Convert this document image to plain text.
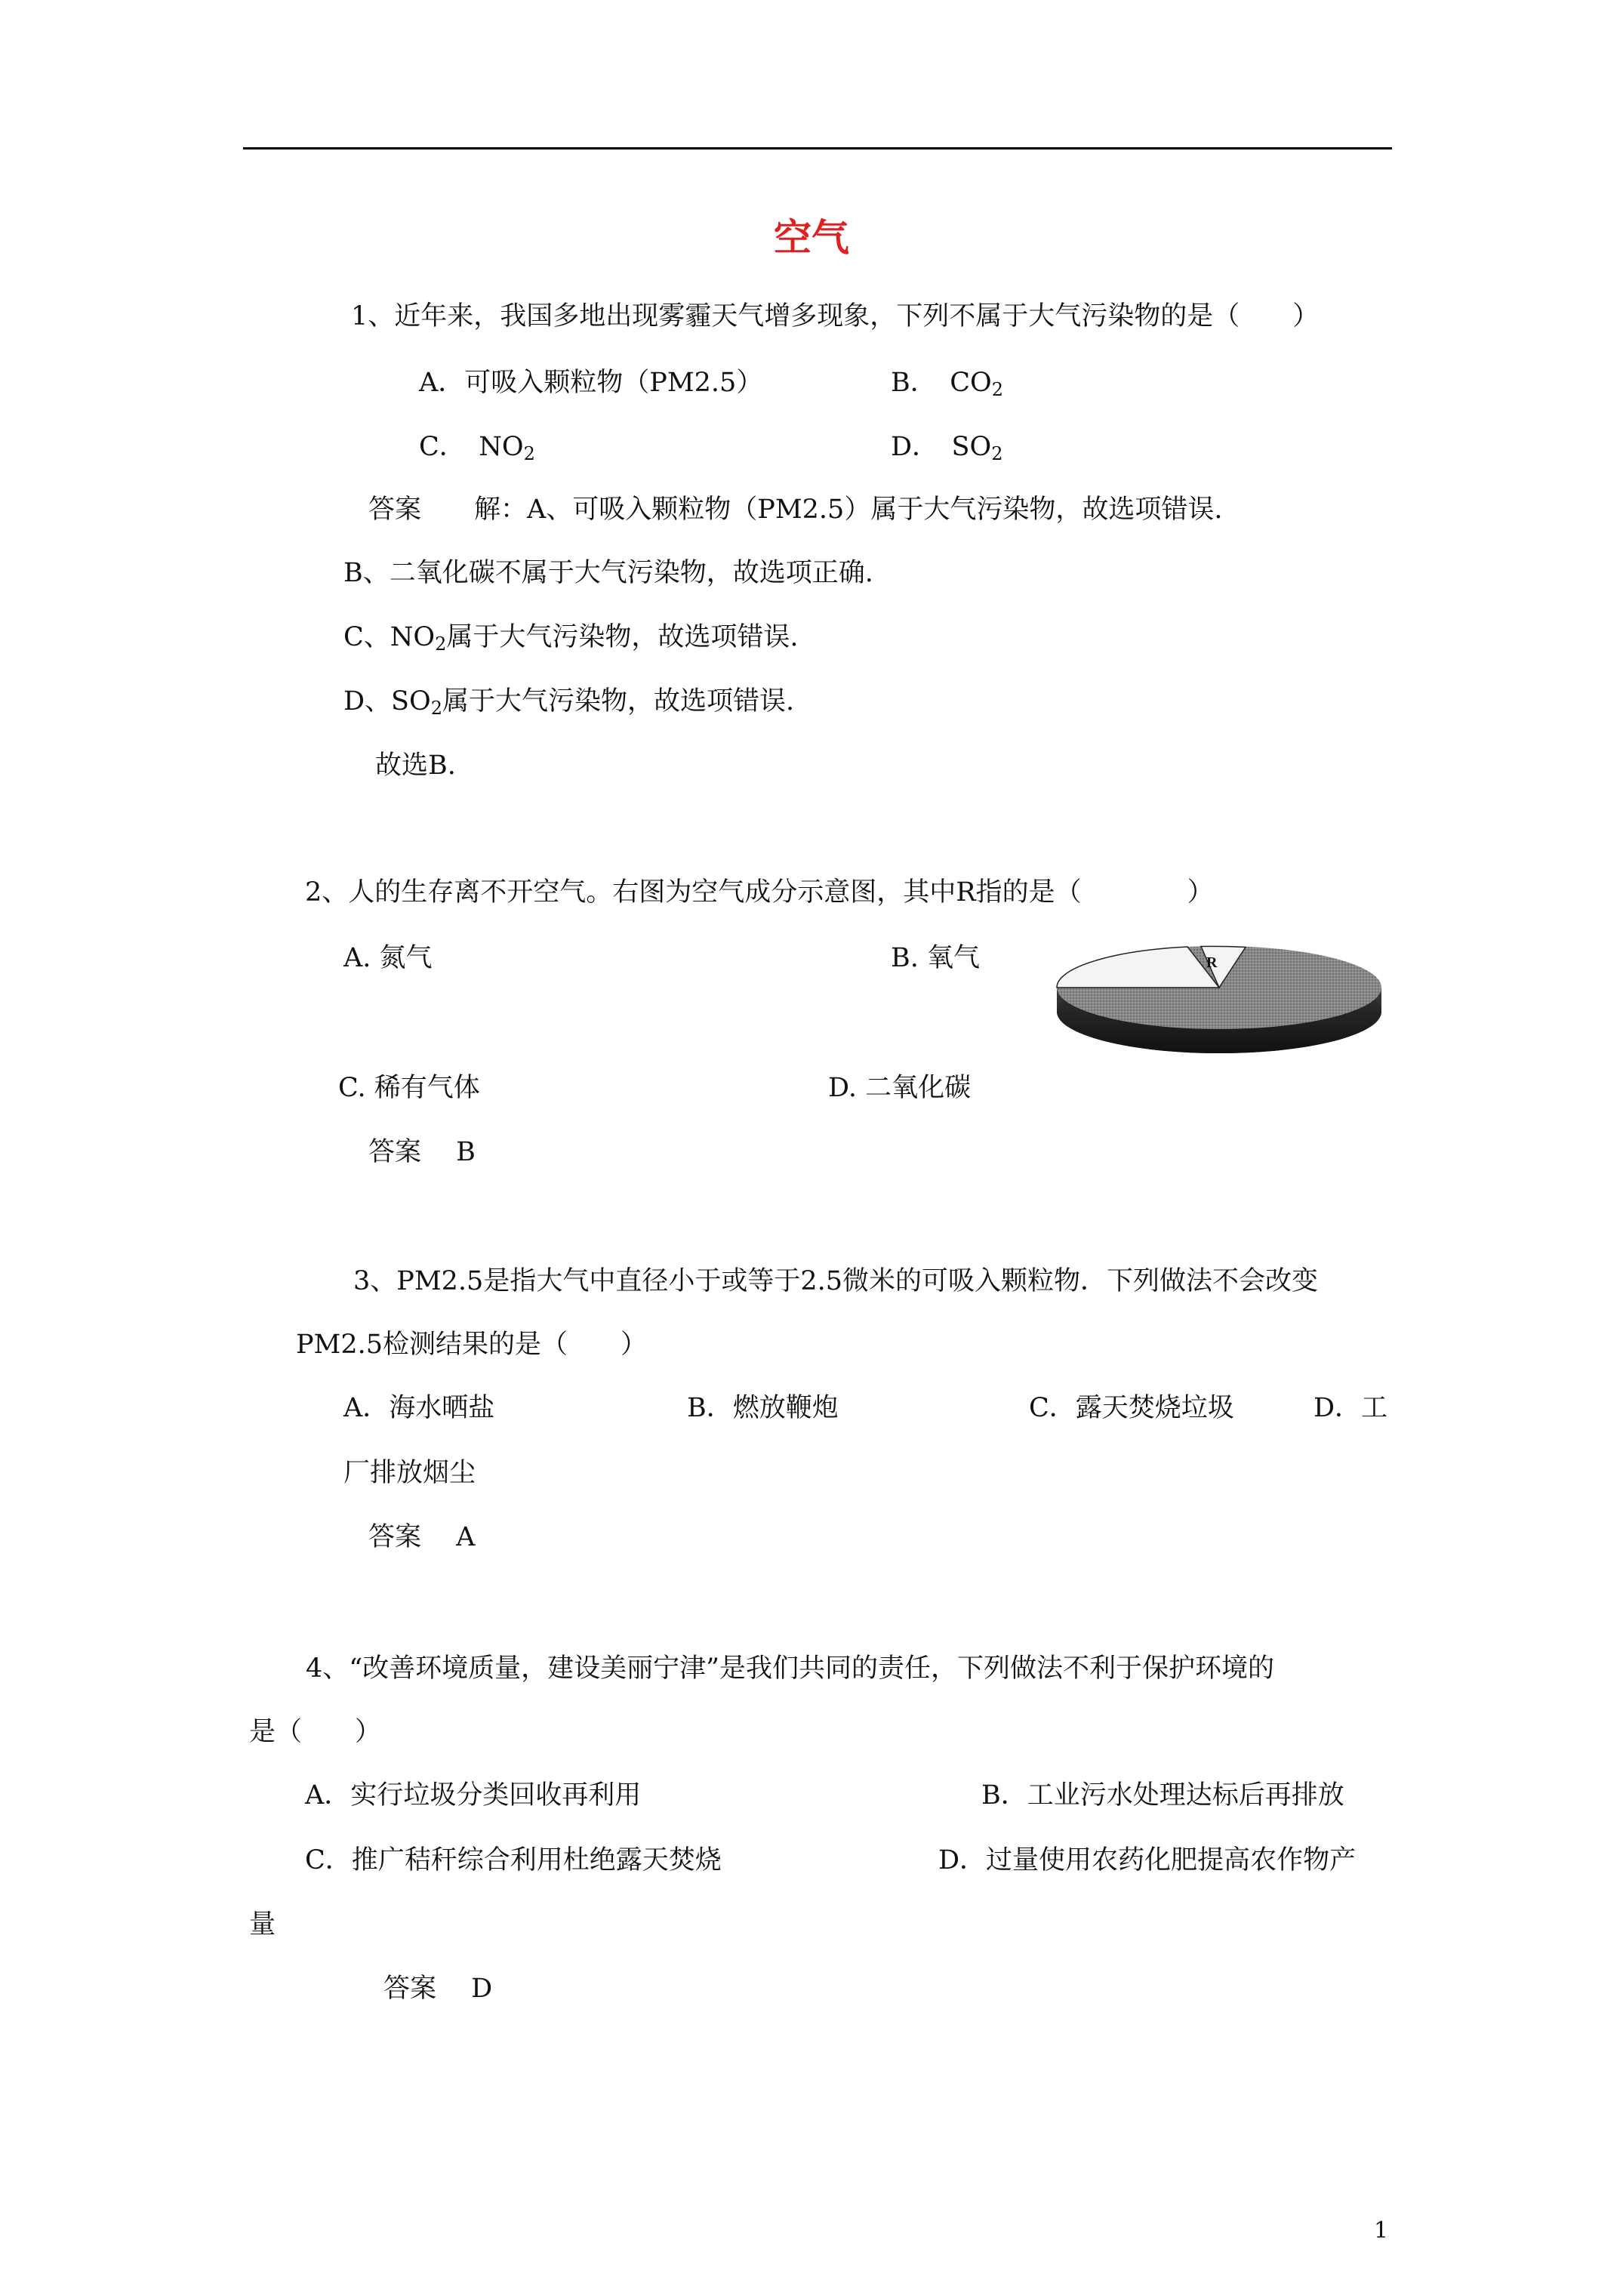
空气
1、近年来，我国多地出现雾霾天气增多现象，下列不属于大气污染物的是（　　）
A．可吸入颗粒物（PM2.5）	B．　$CO_2$
C．　$NO_2$	D．　$SO_2$
答案　　解：A、可吸入颗粒物（PM2.5）属于大气污染物，故选项错误.
B、二氧化碳不属于大气污染物，故选项正确.
C、$NO_2$属于大气污染物，故选项错误.
D、$SO_2$属于大气污染物，故选项错误.
故选B.
2、人的生存离不开空气。右图为空气成分示意图，其中R指的是（　　　　）
A. 氮气	B. 氧气
C. 稀有气体	D. 二氧化碳
答案　 B
R
3、PM2.5是指大气中直径小于或等于2.5微米的可吸入颗粒物．下列做法不会改变
PM2.5检测结果的是（　　）
A．海水晒盐	B．燃放鞭炮	C．露天焚烧垃圾	D．工
厂排放烟尘
答案　 A
4、“改善环境质量，建设美丽宁津”是我们共同的责任，下列做法不利于保护环境的
是（　　）
A．实行垃圾分类回收再利用	B．工业污水处理达标后再排放
C．推广秸秆综合利用杜绝露天焚烧	D．过量使用农药化肥提高农作物产
量
答案　 D
1
